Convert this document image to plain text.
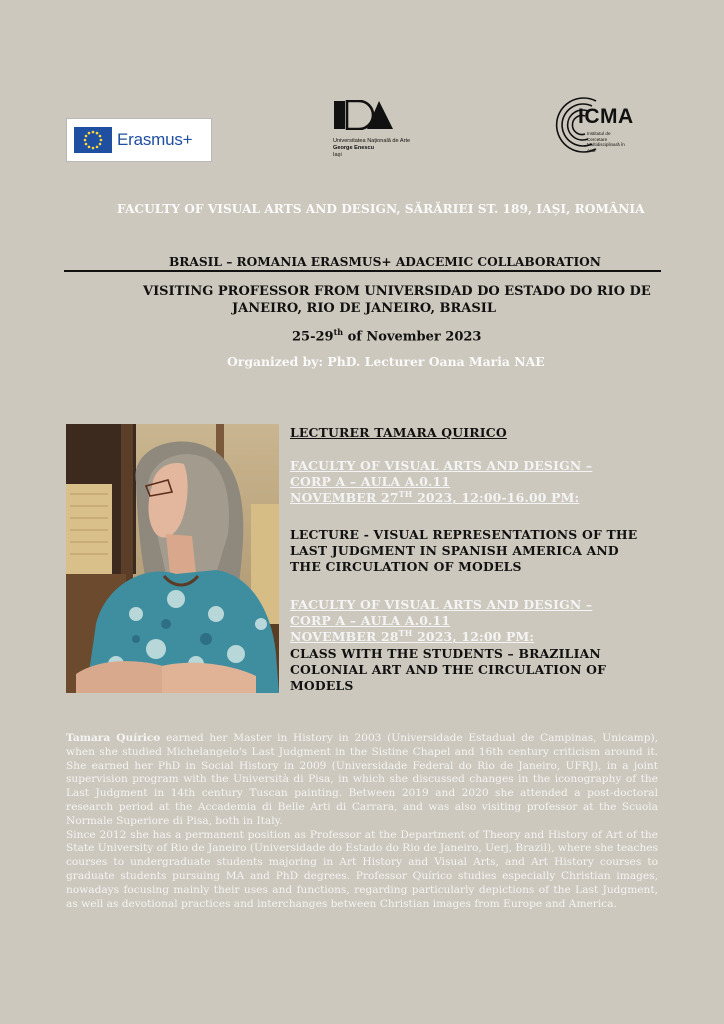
Erasmus+	Universitatea Națională de Arte
George Enescu
Iași
ICMA
Institutul de
Cercetare
Multidisciplinară în
Artă
FACULTY OF VISUAL ARTS AND DESIGN, SĂRĂRIEI ST. 189, IAȘI, ROMÂNIA
BRASIL – ROMANIA ERASMUS+ ADACEMIC COLLABORATION
VISITING PROFESSOR FROM UNIVERSIDAD DO ESTADO DO RIO DE
JANEIRO, RIO DE JANEIRO, BRASIL
25-29th of November 2023
Organized by: PhD. Lecturer Oana Maria NAE
LECTURER TAMARA QUIRICO
FACULTY OF VISUAL ARTS AND DESIGN –
CORP A – AULA A.0.11
NOVEMBER 27TH 2023, 12:00-16.00 PM:
LECTURE - VISUAL REPRESENTATIONS OF THE
LAST JUDGMENT IN SPANISH AMERICA AND
THE CIRCULATION OF MODELS
FACULTY OF VISUAL ARTS AND DESIGN –
CORP A – AULA A.0.11
NOVEMBER 28TH 2023, 12:00 PM:
CLASS WITH THE STUDENTS – BRAZILIAN
COLONIAL ART AND THE CIRCULATION OF
MODELS

Tamara Quírico earned her Master in History in 2003 (Universidade Estadual de Campinas, Unicamp), when she studied Michelangelo's Last Judgment in the Sistine Chapel and 16th century criticism around it. She earned her PhD in Social History in 2009 (Universidade Federal do Rio de Janeiro, UFRJ), in a joint supervision program with the Università di Pisa, in which she discussed changes in the iconography of the Last Judgment in 14th century Tuscan painting. Between 2019 and 2020 she attended a post-doctoral research period at the Accademia di Belle Arti di Carrara, and was also visiting professor at the Scuola Normale Superiore di Pisa, both in Italy.

Since 2012 she has a permanent position as Professor at the Department of Theory and History of Art of the State University of Rio de Janeiro (Universidade do Estado do Rio de Janeiro, Uerj, Brazil), where she teaches courses to undergraduate students majoring in Art History and Visual Arts, and Art History courses to graduate students pursuing MA and PhD degrees. Professor Quírico studies especially Christian images, nowadays focusing mainly their uses and functions, regarding particularly depictions of the Last Judgment, as well as devotional practices and interchanges between Christian images from Europe and America.
